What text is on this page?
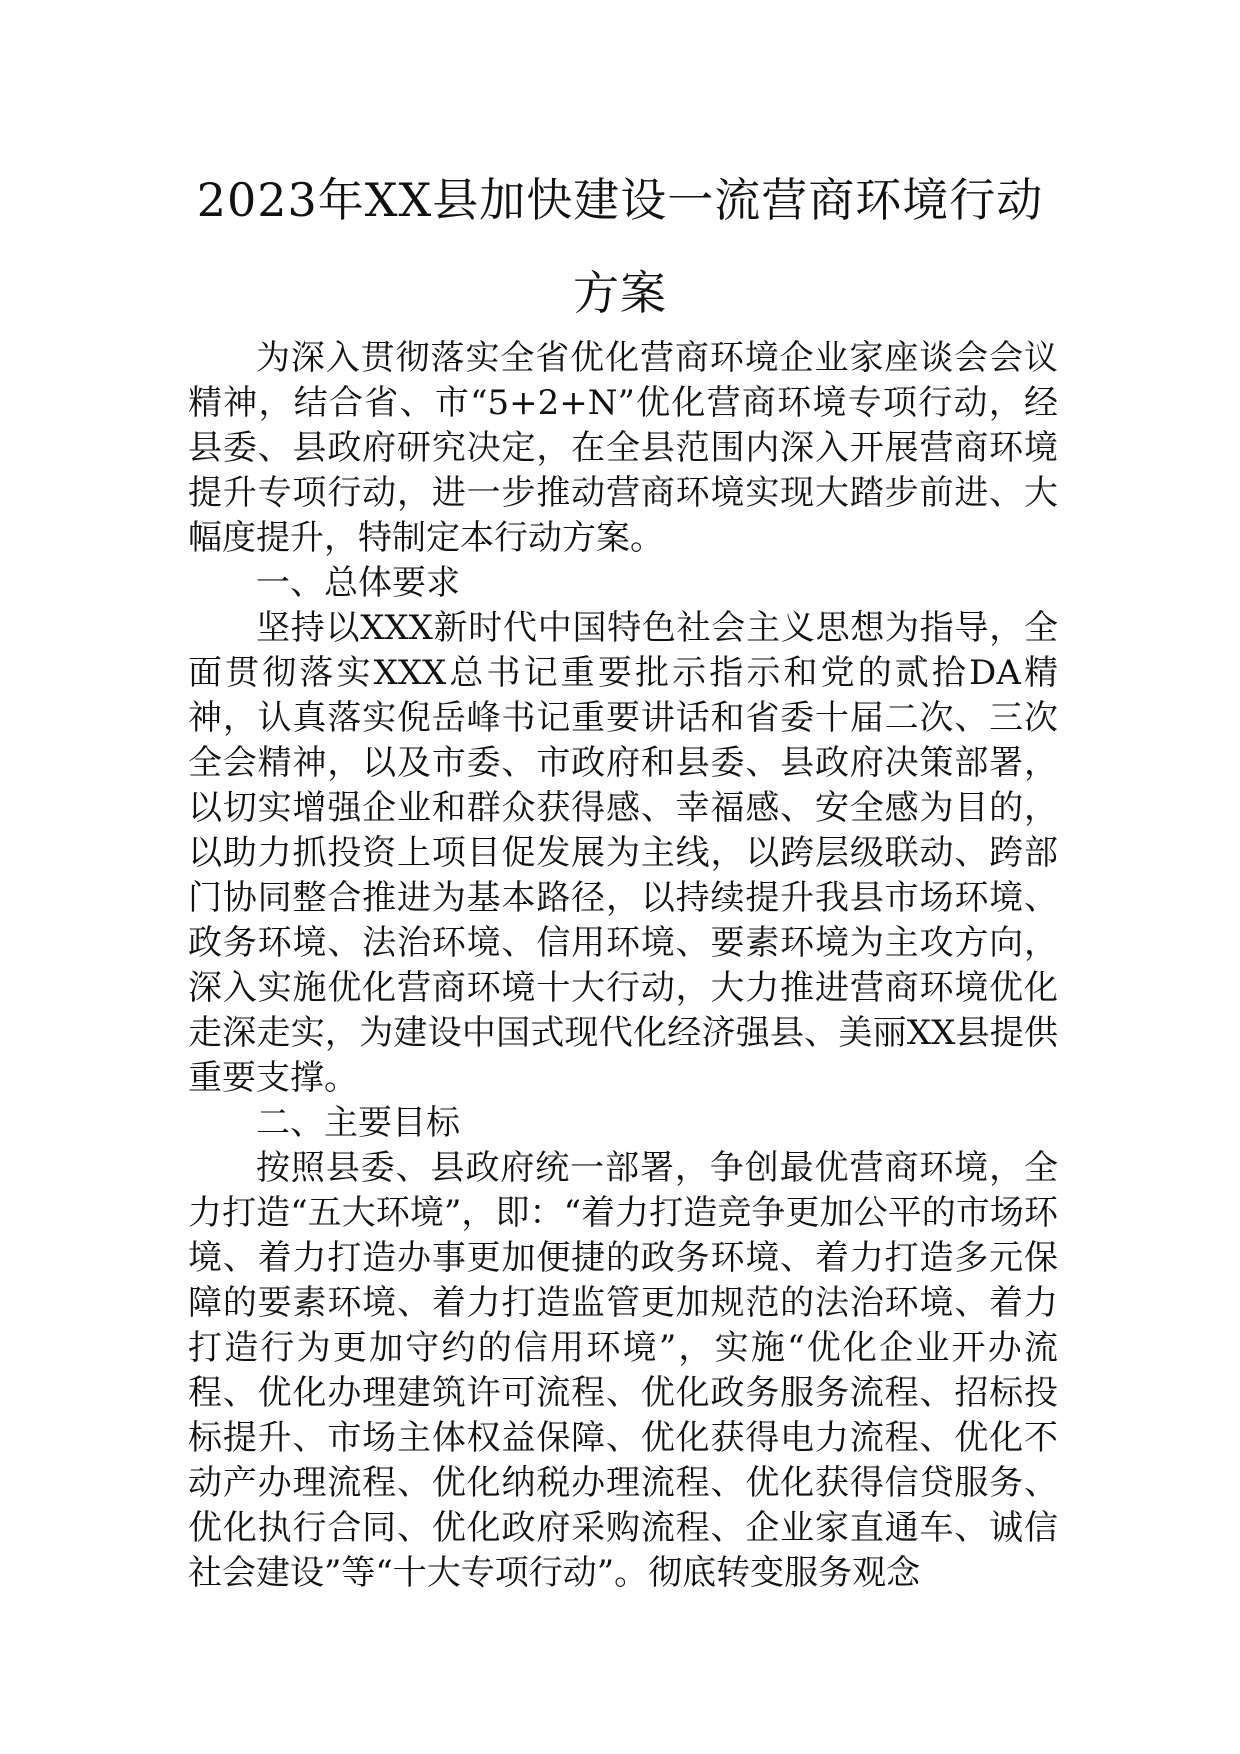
2023年XX县加快建设一流营商环境行动
方案

为深入贯彻落实全省优化营商环境企业家座谈会会议精神，结合省、市“5+2+N”优化营商环境专项行动，经县委、县政府研究决定，在全县范围内深入开展营商环境提升专项行动，进一步推动营商环境实现大踏步前进、大幅度提升，特制定本行动方案。

一、总体要求

坚持以XXX新时代中国特色社会主义思想为指导，全面贯彻落实XXX总书记重要批示指示和党的贰拾DA精神，认真落实倪岳峰书记重要讲话和省委十届二次、三次全会精神，以及市委、市政府和县委、县政府决策部署，以切实增强企业和群众获得感、幸福感、安全感为目的，以助力抓投资上项目促发展为主线，以跨层级联动、跨部门协同整合推进为基本路径，以持续提升我县市场环境、政务环境、法治环境、信用环境、要素环境为主攻方向，深入实施优化营商环境十大行动，大力推进营商环境优化走深走实，为建设中国式现代化经济强县、美丽XX县提供重要支撑。

二、主要目标

按照县委、县政府统一部署，争创最优营商环境，全力打造“五大环境”，即：“着力打造竞争更加公平的市场环境、着力打造办事更加便捷的政务环境、着力打造多元保障的要素环境、着力打造监管更加规范的法治环境、着力打造行为更加守约的信用环境”，实施“优化企业开办流程、优化办理建筑许可流程、优化政务服务流程、招标投标提升、市场主体权益保障、优化获得电力流程、优化不动产办理流程、优化纳税办理流程、优化获得信贷服务、优化执行合同、优化政府采购流程、企业家直通车、诚信社会建设”等“十大专项行动”。彻底转变服务观念
